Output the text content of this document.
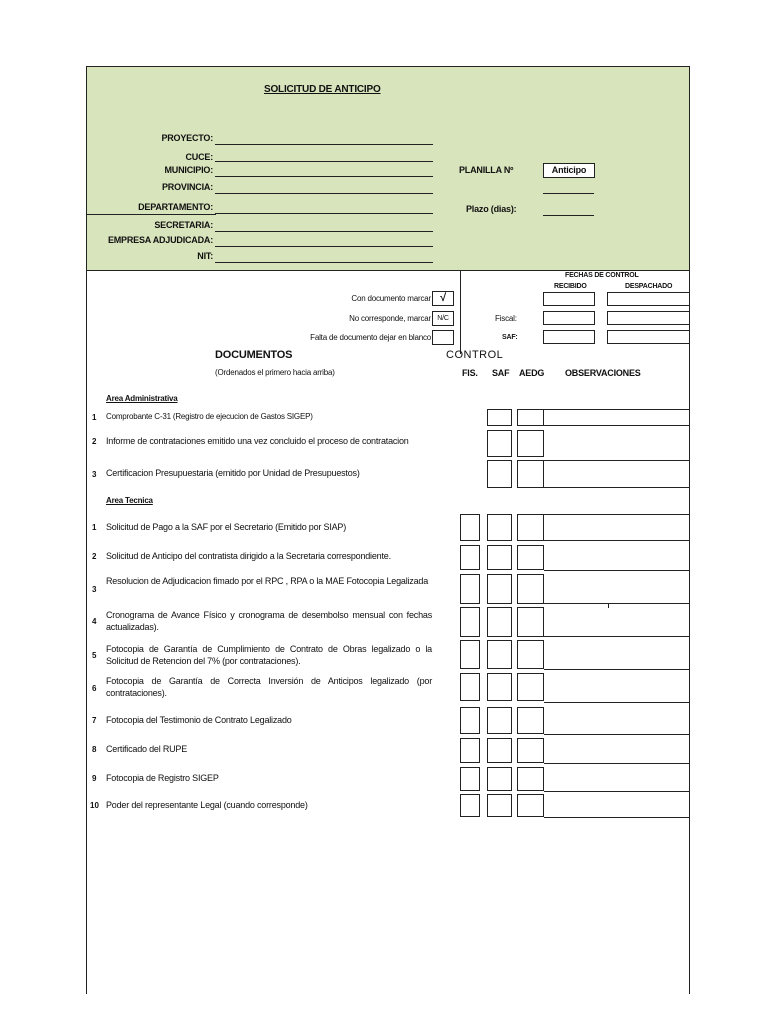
SOLICITUD DE ANTICIPO
PROYECTO:
CUCE:
MUNICIPIO:
PROVINCIA:
DEPARTAMENTO:
SECRETARIA:
EMPRESA ADJUDICADA:
NIT:
PLANILLA Nº	Anticipo
Plazo (dias):
FECHAS DE CONTROL
RECIBIDO	DESPACHADO
Fiscal:
SAF:
Con documento marcar √
No corresponde, marcar N/C
Falta de documento dejar en blanco
DOCUMENTOS
(Ordenados el primero hacia arriba)
CONTROL
FIS. SAF AEDG OBSERVACIONES
Area Administrativa
1 Comprobante C-31 (Registro de ejecucion de Gastos SIGEP)
2 Informe de contrataciones emitido una vez concluido el proceso de contratacion
3 Certificacion Presupuestaria (emitido por Unidad de Presupuestos)
Area Tecnica
1 Solicitud de Pago a la SAF por el Secretario (Emitido por SIAP)
2 Solicitud de Anticipo del contratista dirigido a la Secretaria correspondiente.
3
Resolucion de Adjudicacion fimado por el RPC , RPA o la MAE Fotocopia Legalizada
4
Cronograma de Avance Físico y cronograma de desembolso mensual con fechas actualizadas).
5
Fotocopia de Garantía de Cumplimiento de Contrato de Obras legalizado o la Solicitud de Retencion del 7% (por contrataciones).
6
Fotocopia de Garantía de Correcta Inversión de Anticipos legalizado (por contrataciones).
7 Fotocopia del Testimonio de Contrato Legalizado
8 Certificado del RUPE
9 Fotocopia de Registro SIGEP
10 Poder del representante Legal (cuando corresponde)
